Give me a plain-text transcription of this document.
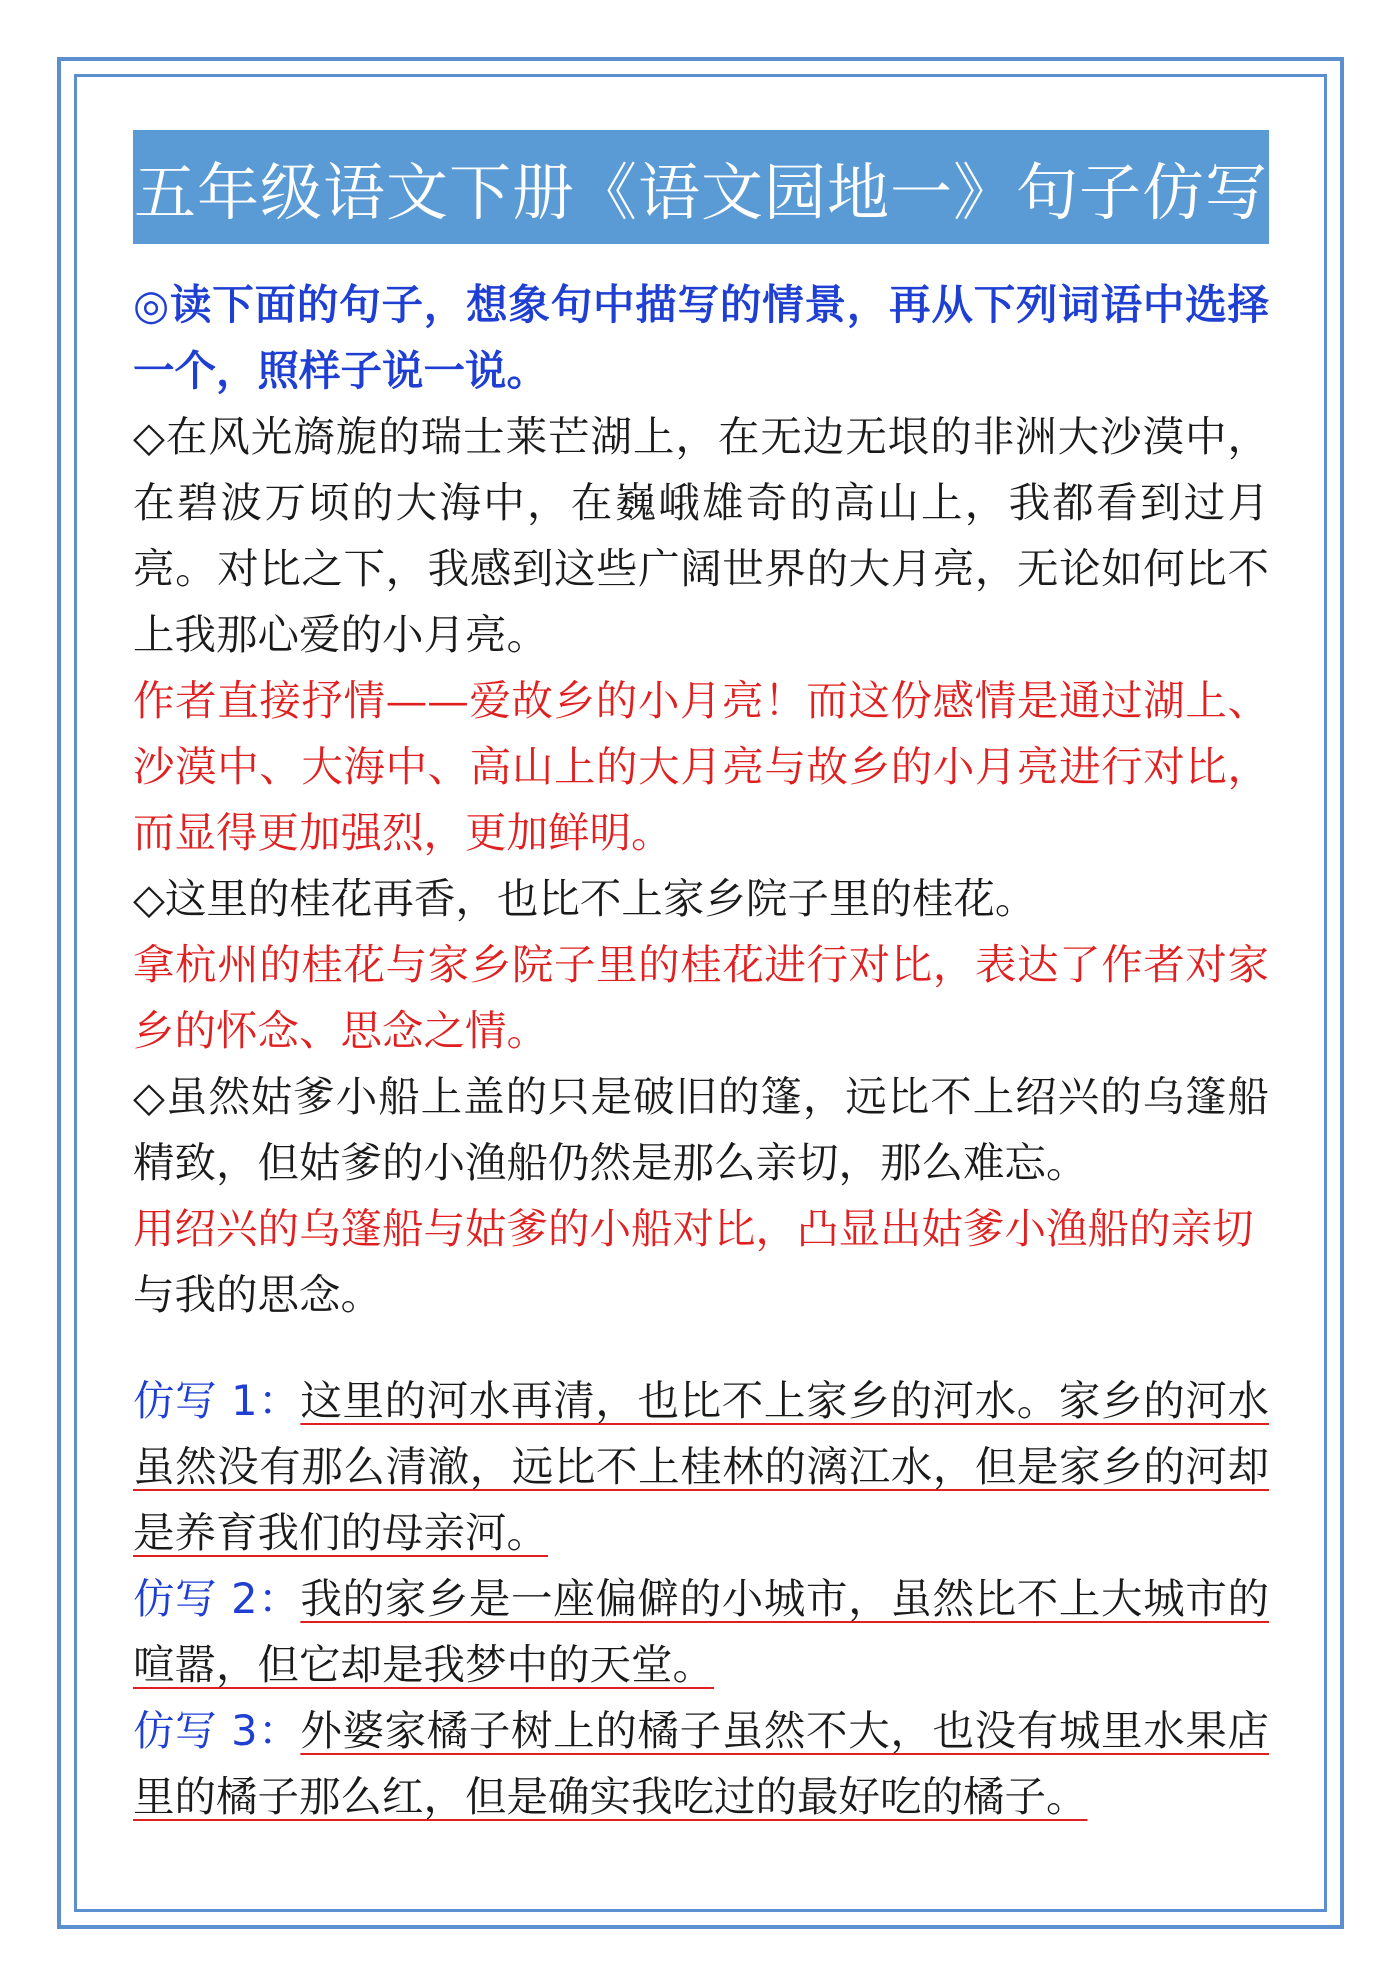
五年级语文下册《语文园地一》句子仿写

◎读下面的句子，想象句中描写的情景，再从下列词语中选择一个，照样子说一说。

◇在风光旖旎的瑞士莱芒湖上，在无边无垠的非洲大沙漠中，在碧波万顷的大海中，在巍峨雄奇的高山上，我都看到过月亮。对比之下，我感到这些广阔世界的大月亮，无论如何比不上我那心爱的小月亮。

作者直接抒情——爱故乡的小月亮！而这份感情是通过湖上、沙漠中、大海中、高山上的大月亮与故乡的小月亮进行对比，而显得更加强烈，更加鲜明。

◇这里的桂花再香，也比不上家乡院子里的桂花。

拿杭州的桂花与家乡院子里的桂花进行对比，表达了作者对家乡的怀念、思念之情。

◇虽然姑爹小船上盖的只是破旧的篷，远比不上绍兴的乌篷船精致，但姑爹的小渔船仍然是那么亲切，那么难忘。

用绍兴的乌篷船与姑爹的小船对比，凸显出姑爹小渔船的亲切

与我的思念。

仿写 1：这里的河水再清，也比不上家乡的河水。家乡的河水虽然没有那么清澈，远比不上桂林的漓江水，但是家乡的河却是养育我们的母亲河。

仿写 2：我的家乡是一座偏僻的小城市，虽然比不上大城市的喧嚣，但它却是我梦中的天堂。

仿写 3：外婆家橘子树上的橘子虽然不大，也没有城里水果店里的橘子那么红，但是确实我吃过的最好吃的橘子。
